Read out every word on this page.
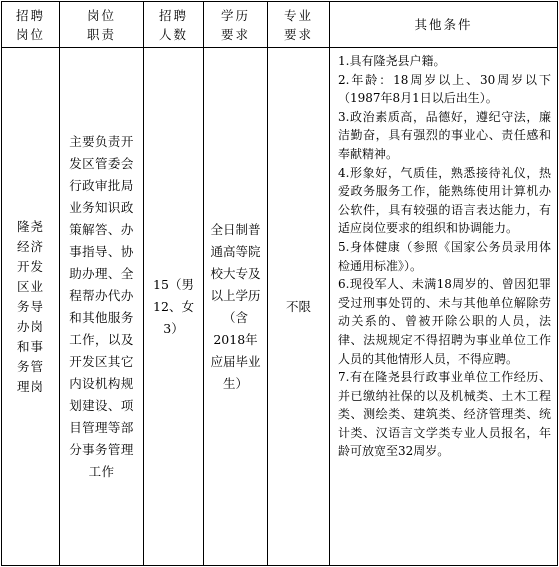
招聘
岗位
岗位
职责
招聘
人数
学历
要求
专业
要求
其他条件
隆尧经济开发区业务导办岗和事务管理岗
主要负责开发区管委会行政审批局业务知识政策解答、办事指导、协助办理、全程帮办代办和其他服务工作，以及开发区其它内设机构规划建设、项目管理等部分事务管理工作
15（男12、女3）
全日制普通高等院校大专及以上学历（含2018年应届毕业生）
不限

1.具有隆尧县户籍。

2.年龄：18周岁以上、30周岁以下（1987年8月1日以后出生）。

3.政治素质高，品德好，遵纪守法，廉洁勤奋，具有强烈的事业心、责任感和奉献精神。

4.形象好，气质佳，熟悉接待礼仪，热爱政务服务工作，能熟练使用计算机办公软件，具有较强的语言表达能力，有适应岗位要求的组织和协调能力。

5.身体健康（参照《国家公务员录用体检通用标准》）。

6.现役军人、未满18周岁的、曾因犯罪受过刑事处罚的、未与其他单位解除劳动关系的、曾被开除公职的人员，法律、法规规定不得招聘为事业单位工作人员的其他情形人员，不得应聘。

7.有在隆尧县行政事业单位工作经历、并已缴纳社保的以及机械类、土木工程类、测绘类、建筑类、经济管理类、统计类、汉语言文学类专业人员报名，年龄可放宽至32周岁。
